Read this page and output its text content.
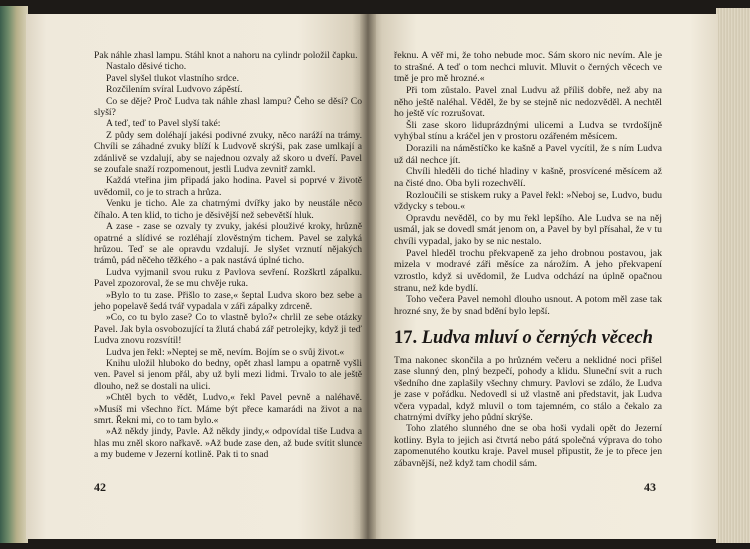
Pak náhle zhasl lampu. Stáhl knot a nahoru na cylindr položil čapku.

Nastalo děsivé ticho.

Pavel slyšel tlukot vlastního srdce.

Rozčilením svíral Ludvovo zápěstí.

Co se děje? Proč Ludva tak náhle zhasl lampu? Čeho se děsí? Co slyší?

A teď, teď to Pavel slyší také:

Z půdy sem doléhají jakési podivné zvuky, něco naráží na trámy. Chvíli se záhadné zvuky blíží k Ludvově skrýši, pak zase umlkají a zdánlivě se vzdalují, aby se najednou ozvaly až skoro u dveří. Pavel se zoufale snaží rozpomenout, jestli Ludva zevnitř zamkl.

Každá vteřina jim připadá jako hodina. Pavel si poprvé v životě uvědomil, co je to strach a hrůza.

Venku je ticho. Ale za chatrnými dvířky jako by neustále něco číhalo. A ten klid, to ticho je děsivější než sebevětší hluk.

A zase - zase se ozvaly ty zvuky, jakési plouživé kroky, hrůzně opatrné a slídivé se rozléhají zlověstným tichem. Pavel se zalyká hrůzou. Teď se ale opravdu vzdalují. Je slyšet vrznutí nějakých trámů, pád něčeho těžkého - a pak nastává úplné ticho.

Ludva vyjmanil svou ruku z Pavlova sevření. Rozškrtl zápalku. Pavel zpozoroval, že se mu chvěje ruka.

»Bylo to tu zase. Přišlo to zase,« šeptal Ludva skoro bez sebe a jeho popelavě šedá tvář vypadala v záři zápalky zdrceně.

»Co, co tu bylo zase? Co to vlastně bylo?« chrlil ze sebe otázky Pavel. Jak byla osvobozující ta žlutá chabá zář petrolejky, když ji teď Ludva znovu rozsvítil!

Ludva jen řekl: »Neptej se mě, nevím. Bojím se o svůj život.«

Knihu uložil hluboko do bedny, opět zhasl lampu a opatrně vyšli ven. Pavel si jenom přál, aby už byli mezi lidmi. Trvalo to ale ještě dlouho, než se dostali na ulici.

»Chtěl bych to vědět, Ludvo,« řekl Pavel pevně a naléhavě. »Musíš mi všechno říct. Máme být přece kamarádi na život a na smrt. Řekni mi, co to tam bylo.«

»Až někdy jindy, Pavle. Až někdy jindy,« odpovídal tiše Ludva a hlas mu zněl skoro nařkavě. »Až bude zase den, až bude svítit slunce a my budeme v Jezerní kotlině. Pak ti to snad

42

řeknu. A věř mi, že toho nebude moc. Sám skoro nic nevím. Ale je to strašné. A teď o tom nechci mluvit. Mluvit o černých věcech ve tmě je pro mě hrozné.«

Při tom zůstalo. Pavel znal Ludvu až příliš dobře, než aby na něho ještě naléhal. Věděl, že by se stejně nic nedozvěděl. A nechtěl ho ještě víc rozrušovat.

Šli zase skoro liduprázdnými ulicemi a Ludva se tvrdošíjně vyhýbal stínu a kráčel jen v prostoru ozářeném měsícem.

Dorazili na náměstíčko ke kašně a Pavel vycítil, že s ním Ludva už dál nechce jít.

Chvíli hleděli do tiché hladiny v kašně, prosvícené měsícem až na čisté dno. Oba byli rozechvělí.

Rozloučili se stiskem ruky a Pavel řekl: »Neboj se, Ludvo, budu vždycky s tebou.«

Opravdu nevěděl, co by mu řekl lepšího. Ale Ludva se na něj usmál, jak se dovedl smát jenom on, a Pavel by byl přísahal, že v tu chvíli vypadal, jako by se nic nestalo.

Pavel hleděl trochu překvapeně za jeho drobnou postavou, jak mizela v modravé záři měsíce za nárožím. A jeho překvapení vzrostlo, když si uvědomil, že Ludva odchází na úplně opačnou stranu, než kde bydlí.

Toho večera Pavel nemohl dlouho usnout. A potom měl zase tak hrozné sny, že by snad bdění bylo lepší.

17. Ludva mluví o černých věcech

Tma nakonec skončila a po hrůzném večeru a neklidné noci přišel zase slunný den, plný bezpečí, pohody a klidu. Sluneční svit a ruch všedního dne zaplašily všechny chmury. Pavlovi se zdálo, že Ludva je zase v pořádku. Nedovedl si už vlastně ani představit, jak Ludva včera vypadal, když mluvil o tom tajemném, co stálo a čekalo za chatrnými dvířky jeho půdní skrýše.

Toho zlatého slunného dne se oba hoši vydali opět do Jezerní kotliny. Byla to jejich asi čtvrtá nebo pátá společná výprava do toho zapomenutého koutku kraje. Pavel musel připustit, že je to přece jen zábavnější, než když tam chodil sám.

43
